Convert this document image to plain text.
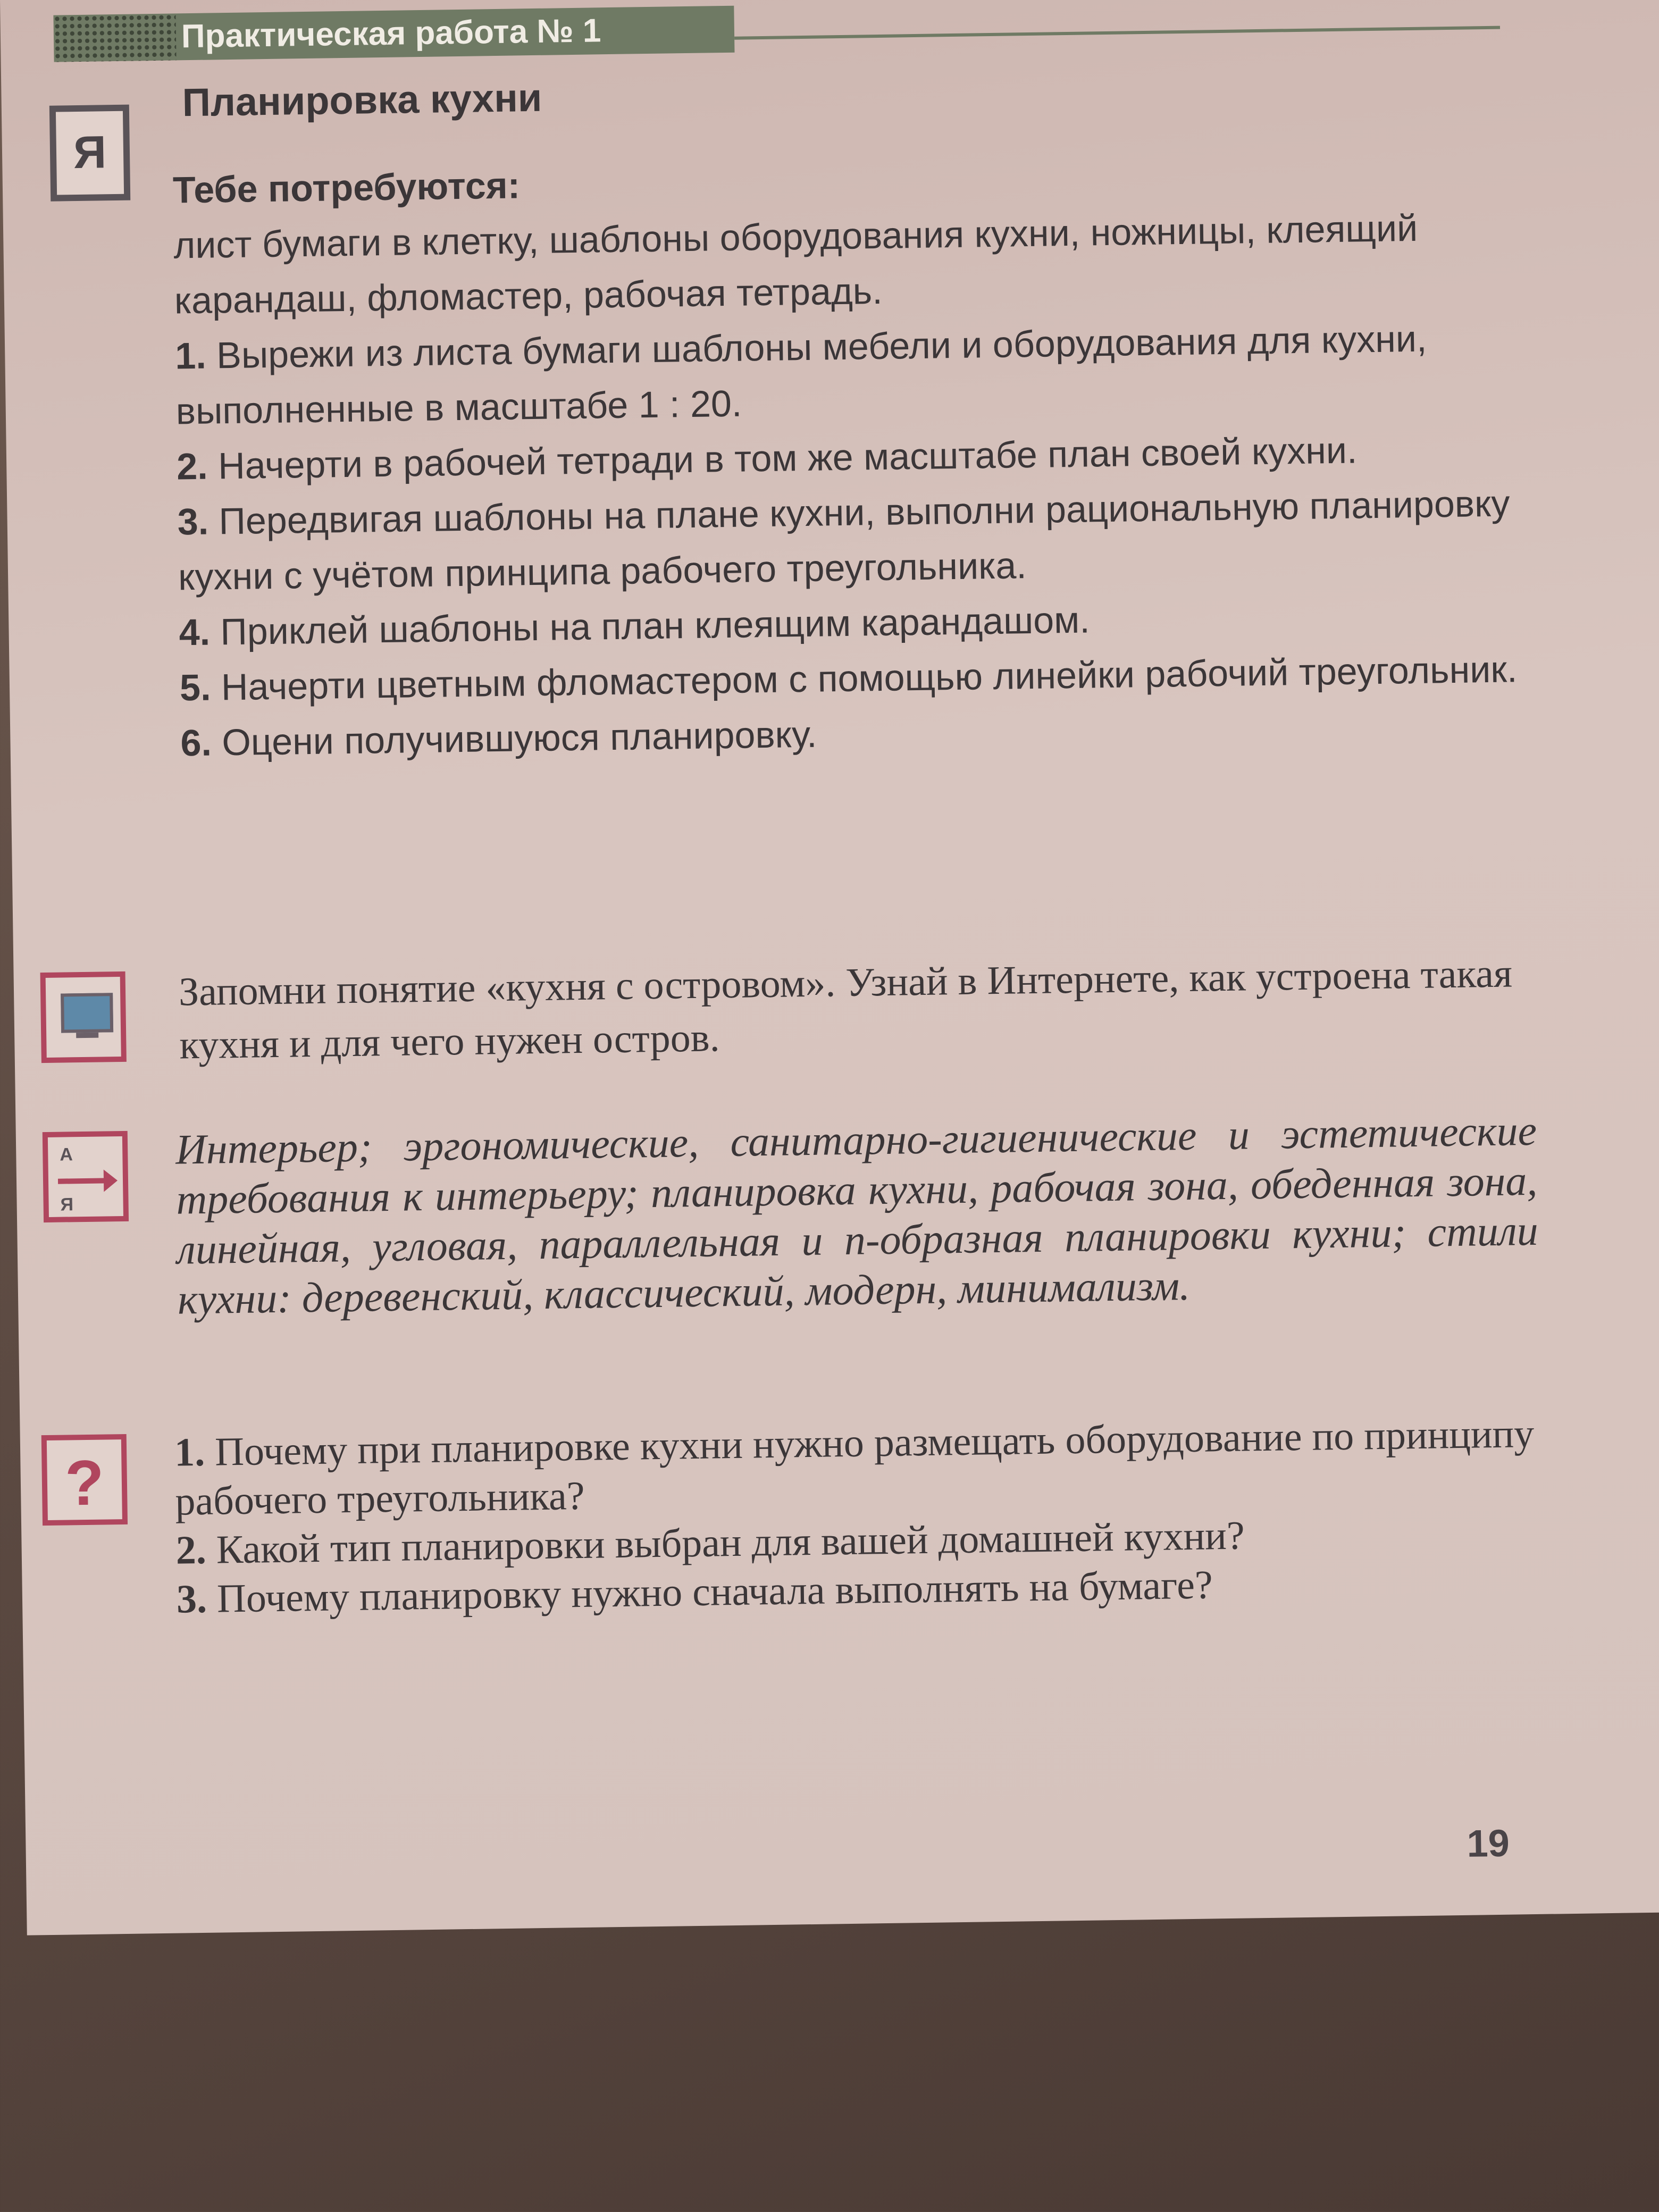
Практическая работа № 1
Я
Планировка кухни
Тебе потребуются:

лист бумаги в клетку, шаблоны оборудования кухни, ножницы, клеящий карандаш, фломастер, рабочая тетрадь.

1. Вырежи из листа бумаги шаблоны мебели и оборудования для кухни, выполненные в масштабе 1 : 20.

2. Начерти в рабочей тетради в том же масштабе план своей кухни.

3. Передвигая шаблоны на плане кухни, выполни рациональную планировку кухни с учётом принципа рабочего треугольника.

4. Приклей шаблоны на план клеящим карандашом.

5. Начерти цветным фломастером с помощью линейки рабочий треугольник.

6. Оцени получившуюся планировку.

Запомни понятие «кухня с островом». Узнай в Интернете, как устроена такая кухня и для чего нужен остров.
А
Я
Интерьер; эргономические, санитарно-гигиенические и эстетические требования к интерьеру; планировка кухни, рабочая зона, обеденная зона, линейная, угловая, параллельная и п-образная планировки кухни; стили кухни: деревенский, классический, модерн, минимализм.
?	1. Почему при планировке кухни нужно размещать оборудование по принципу рабочего треугольника?

2. Какой тип планировки выбран для вашей домашней кухни?

3. Почему планировку нужно сначала выполнять на бумаге?

19
